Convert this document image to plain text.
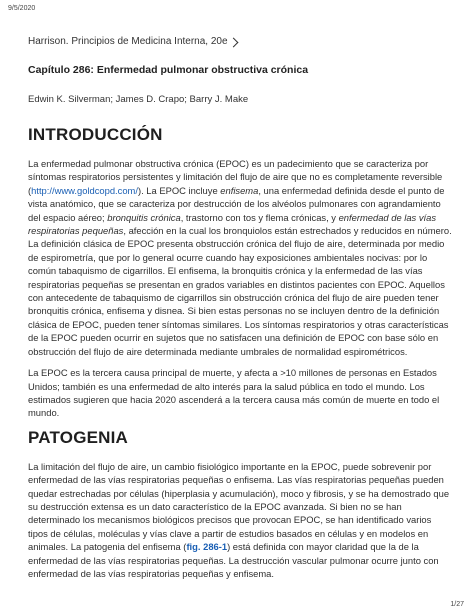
9/5/2020
Harrison. Principios de Medicina Interna, 20e
Capítulo 286: Enfermedad pulmonar obstructiva crónica
Edwin K. Silverman; James D. Crapo; Barry J. Make
INTRODUCCIÓN

La enfermedad pulmonar obstructiva crónica (EPOC) es un padecimiento que se caracteriza por síntomas respiratorios persistentes y limitación del flujo de aire que no es completamente reversible (http://www.goldcopd.com/). La EPOC incluye enfisema, una enfermedad definida desde el punto de vista anatómico, que se caracteriza por destrucción de los alvéolos pulmonares con agrandamiento del espacio aéreo; bronquitis crónica, trastorno con tos y flema crónicas, y enfermedad de las vías respiratorias pequeñas, afección en la cual los bronquiolos están estrechados y reducidos en número. La definición clásica de EPOC presenta obstrucción crónica del flujo de aire, determinada por medio de espirometría, que por lo general ocurre cuando hay exposiciones ambientales nocivas: por lo común tabaquismo de cigarrillos. El enfisema, la bronquitis crónica y la enfermedad de las vías respiratorias pequeñas se presentan en grados variables en distintos pacientes con EPOC. Aquellos con antecedente de tabaquismo de cigarrillos sin obstrucción crónica del flujo de aire pueden tener bronquitis crónica, enfisema y disnea. Si bien estas personas no se incluyen dentro de la definición clásica de EPOC, pueden tener síntomas similares. Los síntomas respiratorios y otras características de la EPOC pueden ocurrir en sujetos que no satisfacen una definición de EPOC con base sólo en obstrucción del flujo de aire determinada mediante umbrales de normalidad espirométricos.

La EPOC es la tercera causa principal de muerte, y afecta a >10 millones de personas en Estados Unidos; también es una enfermedad de alto interés para la salud pública en todo el mundo. Los estimados sugieren que hacia 2020 ascenderá a la tercera causa más común de muerte en todo el mundo.

PATOGENIA

La limitación del flujo de aire, un cambio fisiológico importante en la EPOC, puede sobrevenir por enfermedad de las vías respiratorias pequeñas o enfisema. Las vías respiratorias pequeñas pueden quedar estrechadas por células (hiperplasia y acumulación), moco y fibrosis, y se ha demostrado que su destrucción extensa es un dato característico de la EPOC avanzada. Si bien no se han determinado los mecanismos biológicos precisos que provocan EPOC, se han identificado varios tipos de células, moléculas y vías clave a partir de estudios basados en células y en modelos en animales. La patogenia del enfisema (fig. 286-1) está definida con mayor claridad que la de la enfermedad de las vías respiratorias pequeñas. La destrucción vascular pulmonar ocurre junto con enfermedad de las vías respiratorias pequeñas y enfisema.

1/27
